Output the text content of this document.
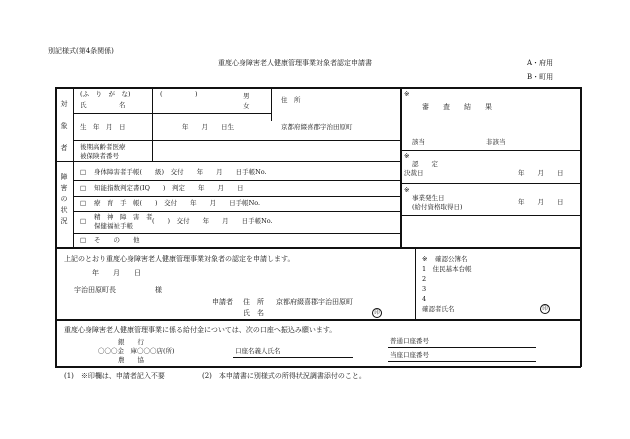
別記様式(第4条関係)
重度心身障害老人健康管理事業対象者認定申請書	A・府用
B・町用
対
象
者
(ふ　り　が　な)
氏　　　　　名
(　　　　　)	男
女
住　所
京都府綴喜郡宇治田原町
生　年　月　日	年　　月　　日生
後期高齢者医療
被保険者番号
※
審　　査　　結　　果
該当	非該当
※
認　　定
決裁日	年　　月　　日
※
事業発生日
(給付資格取得日)
年　　月　　日
障害の状況
□ 身体障害者手帳(　　級)　交付　　年　　月　　日手帳No.
□ 知能指数判定書(IQ　　)　判定　　年　　月　　日
□ 療　育　手　帳(　　)　交付　　年　　月　　日手帳No.
□ 精　神　障　害　者
保健福祉手帳
(　　)　交付　　年　　月　　日手帳No.
□ そ　　の　　他
上記のとおり重度心身障害老人健康管理事業対象者の認定を申請します。
年　　月　　日
宇治田原町長	様
申請者 住　所 京都府綴喜郡宇治田原町
氏　名	印
※ 確認公簿名
1　住民基本台帳
2
3
4
確認者氏名	印
重度心身障害老人健康管理事業に係る給付金については、次の口座へ振込み願います。
銀　　行
〇〇〇金　庫〇〇〇店(所)
農　　協
口座名義人氏名
普通口座番号
当座口座番号
(1)　※印欄は、申請者記入不要	(2)　本申請書に別様式の所得状況調書添付のこと。
